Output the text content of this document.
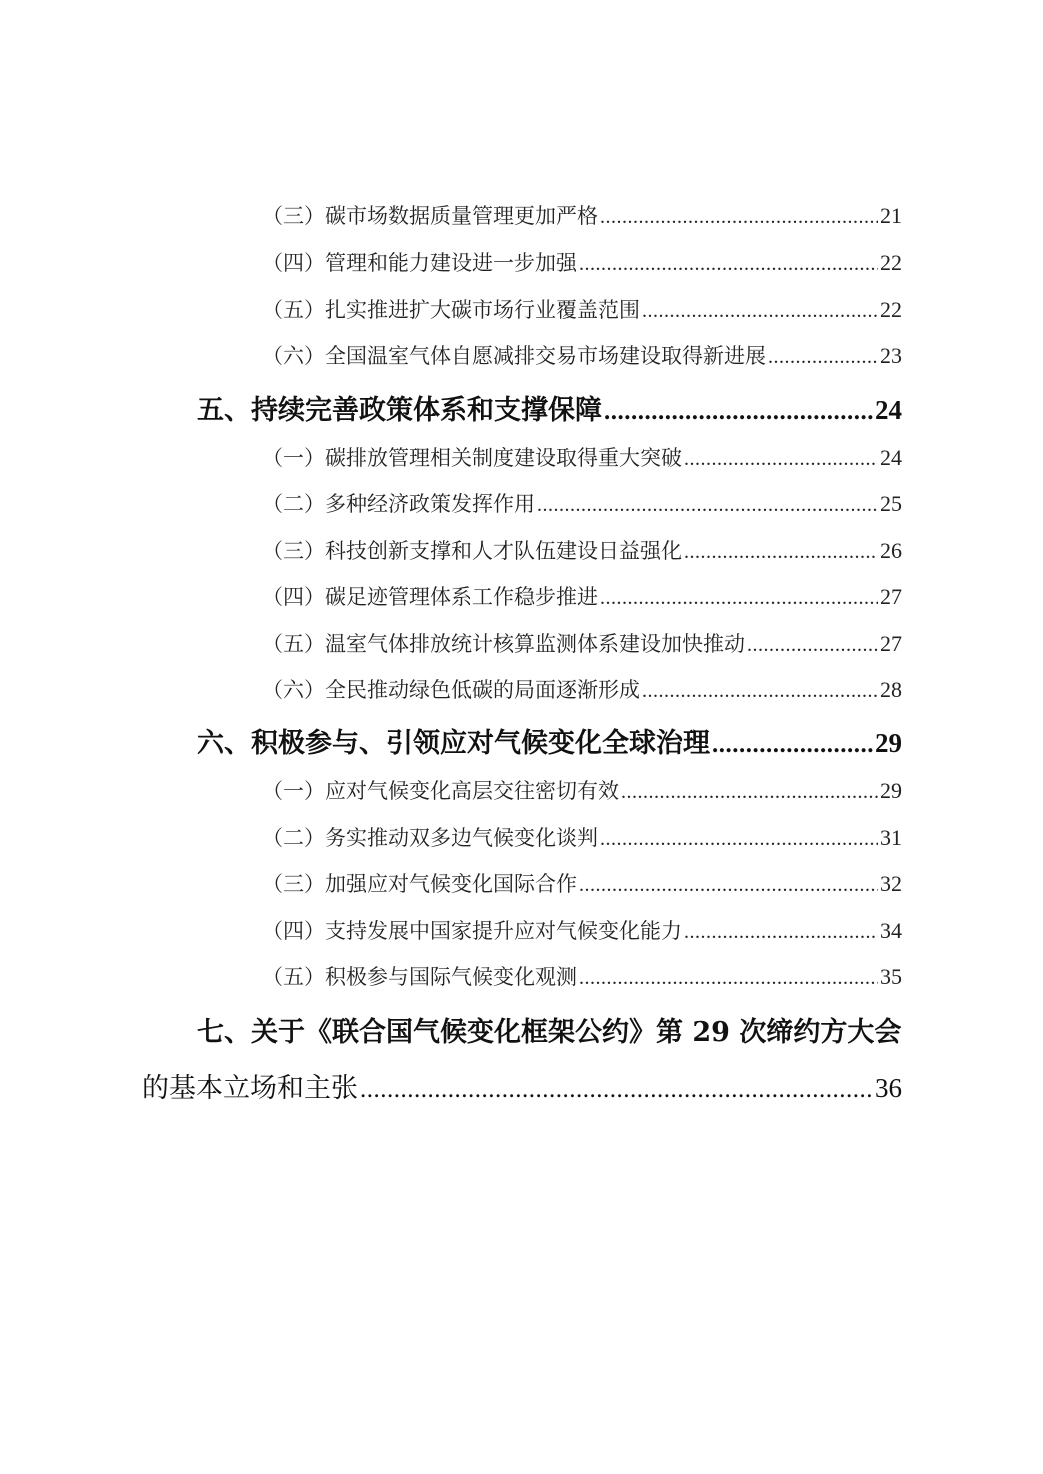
（三）碳市场数据质量管理更加严格 .....	21
（四）管理和能力建设进一步加强 .....	22
（五）扎实推进扩大碳市场行业覆盖范围 .....	22
（六）全国温室气体自愿减排交易市场建设取得新进展 .....	23
五、持续完善政策体系和支撑保障 .....	24
（一）碳排放管理相关制度建设取得重大突破 .....	24
（二）多种经济政策发挥作用 .....	25
（三）科技创新支撑和人才队伍建设日益强化 .....	26
（四）碳足迹管理体系工作稳步推进 .....	27
（五）温室气体排放统计核算监测体系建设加快推动 .....	27
（六）全民推动绿色低碳的局面逐渐形成 .....	28
六、积极参与、引领应对气候变化全球治理 .....	29
（一）应对气候变化高层交往密切有效 .....	29
（二）务实推动双多边气候变化谈判 .....	31
（三）加强应对气候变化国际合作 .....	32
（四）支持发展中国家提升应对气候变化能力 .....	34
（五）积极参与国际气候变化观测 .....	35
七、关于《联合国气候变化框架公约》第 29 次缔约方大会
的基本立场和主张 .....	36
